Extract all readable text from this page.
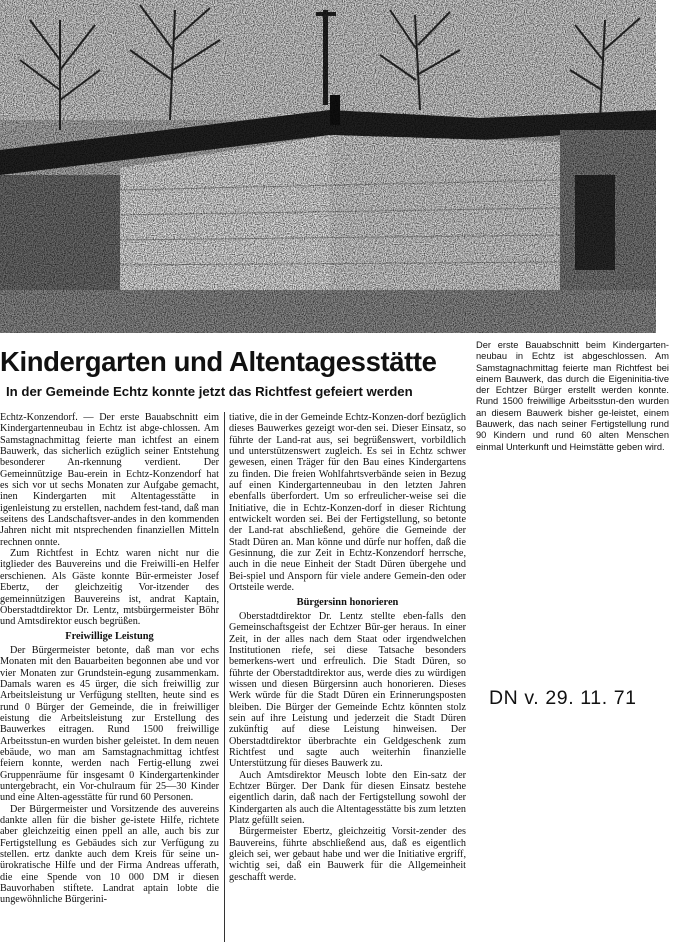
Kindergarten und Altentagesstätte
In der Gemeinde Echtz konnte jetzt das Richtfest gefeiert werden

Der erste Bauabschnitt beim Kindergarten-neubau in Echtz ist abgeschlossen. Am Samstagnachmittag feierte man Richtfest bei einem Bauwerk, das durch die Eigeninitia-tive der Echtzer Bürger erstellt werden konnte. Rund 1500 freiwillige Arbeitsstun-den wurden an diesem Bauwerk bisher ge-leistet, einem Bauwerk, das nach seiner Fertigstellung rund 90 Kindern und rund 60 alten Menschen einmal Unterkunft und Heimstätte geben wird.

Echtz-Konzendorf. — Der erste Bauabschnitt eim Kindergartenneubau in Echtz ist abge-chlossen. Am Samstagnachmittag feierte man ichtfest an einem Bauwerk, das sicherlich ezüglich seiner Entstehung besonderer An-rkennung verdient. Der Gemeinnützige Bau-erein in Echtz-Konzendorf hat es sich vor ut sechs Monaten zur Aufgabe gemacht, inen Kindergarten mit Altentagesstätte in igenleistung zu erstellen, nachdem fest-tand, daß man seitens des Landschaftsver-andes in den kommenden Jahren nicht mit ntsprechenden finanziellen Mitteln rechnen onnte.

Zum Richtfest in Echtz waren nicht nur die itglieder des Bauvereins und die Freiwilli-en Helfer erschienen. Als Gäste konnte Bür-ermeister Josef Ebertz, der gleichzeitig Vor-itzender des gemeinnützigen Bauvereins ist, andrat Kaptain, Oberstadtdirektor Dr. Lentz, mtsbürgermeister Böhr und Amtsdirektor eusch begrüßen.

Freiwillige Leistung

Der Bürgermeister betonte, daß man vor echs Monaten mit den Bauarbeiten begonnen abe und vor vier Monaten zur Grundstein-egung zusammenkam. Damals waren es 45 ürger, die sich freiwillig zur Arbeitsleistung ur Verfügung stellten, heute sind es rund 0 Bürger der Gemeinde, die in freiwilliger eistung die Arbeitsleistung zur Erstellung des Bauwerkes eitragen. Rund 1500 freiwillige Arbeitsstun-en wurden bisher geleistet. In dem neuen ebäude, wo man am Samstagnachmittag ichtfest feiern konnte, werden nach Fertig-ellung zwei Gruppenräume für insgesamt 0 Kindergartenkinder untergebracht, ein Vor-chulraum für 25—30 Kinder und eine Alten-agesstätte für rund 60 Personen.

Der Bürgermeister und Vorsitzende des auvereins dankte allen für die bisher ge-istete Hilfe, richtete aber gleichzeitig einen ppell an alle, auch bis zur Fertigstellung es Gebäudes sich zur Verfügung zu stellen. ertz dankte auch dem Kreis für seine un-ürokratische Hilfe und der Firma Andreas ufferath, die eine Spende von 10 000 DM ir diesen Bauvorhaben stiftete. Landrat aptain lobte die ungewöhnliche Bürgerini-

tiative, die in der Gemeinde Echtz-Konzen-dorf bezüglich dieses Bauwerkes gezeigt wor-den sei. Dieser Einsatz, so führte der Land-rat aus, sei begrüßenswert, vorbildlich und unterstützenswert zugleich. Es sei in Echtz schwer gewesen, einen Träger für den Bau eines Kindergartens zu finden. Die freien Wohlfahrtsverbände seien in Bezug auf einen Kindergartenneubau in den letzten Jahren ebenfalls überfordert. Um so erfreulicher-weise sei die Initiative, die in Echtz-Konzen-dorf in dieser Richtung entwickelt worden sei. Bei der Fertigstellung, so betonte der Land-rat abschließend, gehöre die Gemeinde der Stadt Düren an. Man könne und dürfe nur hoffen, daß die Gesinnung, die zur Zeit in Echtz-Konzendorf herrsche, auch in die neue Einheit der Stadt Düren übergehe und Bei-spiel und Ansporn für viele andere Gemein-den oder Ortsteile werde.

Bürgersinn honorieren

Oberstadtdirektor Dr. Lentz stellte eben-falls den Gemeinschaftsgeist der Echtzer Bür-ger heraus. In einer Zeit, in der alles nach dem Staat oder irgendwelchen Institutionen riefe, sei diese Tatsache besonders bemerkens-wert und erfreulich. Die Stadt Düren, so führte der Oberstadtdirektor aus, werde dies zu würdigen wissen und diesen Bürgersinn auch honorieren. Dieses Werk würde für die Stadt Düren ein Erinnerungsposten bleiben. Die Bürger der Gemeinde Echtz könnten stolz sein auf ihre Leistung und jederzeit die Stadt Düren zukünftig auf diese Leistung hinweisen. Der Oberstadtdirektor überbrachte ein Geldgeschenk zum Richtfest und sagte auch weiterhin finanzielle Unterstützung für dieses Bauwerk zu.

Auch Amtsdirektor Meusch lobte den Ein-satz der Echtzer Bürger. Der Dank für diesen Einsatz bestehe eigentlich darin, daß nach der Fertigstellung sowohl der Kindergarten als auch die Altentagesstätte bis zum letzten Platz gefüllt seien.

Bürgermeister Ebertz, gleichzeitig Vorsit-zender des Bauvereins, führte abschließend aus, daß es eigentlich gleich sei, wer gebaut habe und wer die Initiative ergriff, wichtig sei, daß ein Bauwerk für die Allgemeinheit geschafft werde.

DN v. 29. 11. 71
